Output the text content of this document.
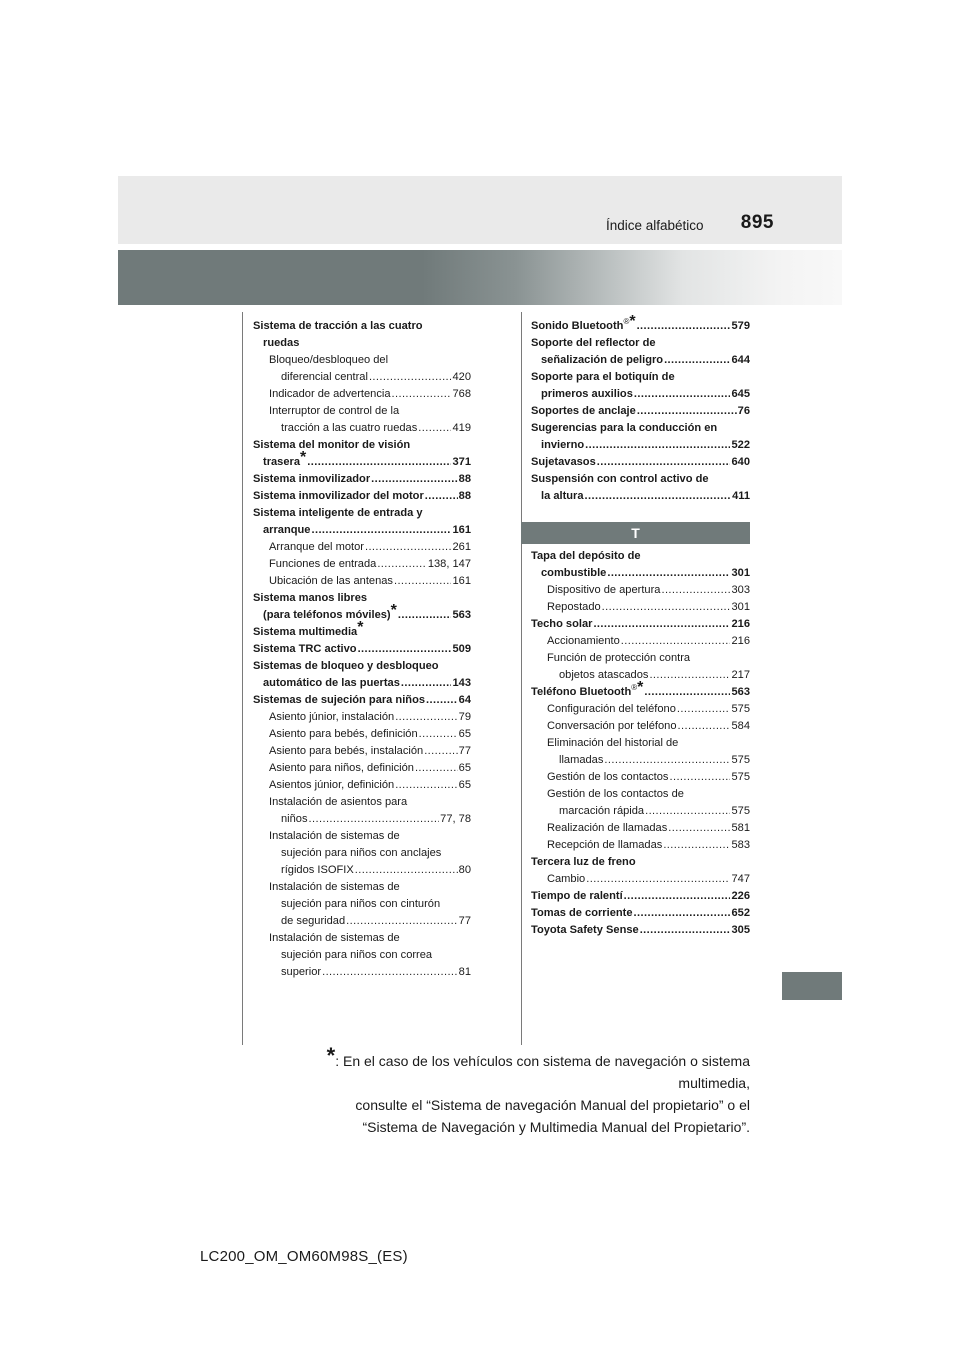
Índice alfabético 895
Sistema de tracción a las cuatro
ruedas
Bloqueo/desbloqueo del
diferencial central .....	420
Indicador de advertencia .....	768
Interruptor de control de la
tracción a las cuatro ruedas .....	419
Sistema del monitor de visión
trasera* .....	371
Sistema inmovilizador .....	88
Sistema inmovilizador del motor .....	88
Sistema inteligente de entrada y
arranque .....	161
Arranque del motor .....	261
Funciones de entrada .....	138, 147
Ubicación de las antenas .....	161
Sistema manos libres
(para teléfonos móviles)* .....	563
Sistema multimedia*
Sistema TRC activo .....	509
Sistemas de bloqueo y desbloqueo
automático de las puertas .....	143
Sistemas de sujeción para niños .....	64
Asiento júnior, instalación .....	79
Asiento para bebés, definición .....	65
Asiento para bebés, instalación .....	77
Asiento para niños, definición .....	65
Asientos júnior, definición .....	65
Instalación de asientos para
niños .....	77, 78
Instalación de sistemas de
sujeción para niños con anclajes
rígidos ISOFIX .....	80
Instalación de sistemas de
sujeción para niños con cinturón
de seguridad .....	77
Instalación de sistemas de
sujeción para niños con correa
superior .....	81
Sonido Bluetooth®* .....	579
Soporte del reflector de
señalización de peligro .....	644
Soporte para el botiquín de
primeros auxilios .....	645
Soportes de anclaje .....	76
Sugerencias para la conducción en
invierno .....	522
Sujetavasos .....	640
Suspensión con control activo de
la altura .....	411
T
Tapa del depósito de
combustible .....	301
Dispositivo de apertura .....	303
Repostado .....	301
Techo solar .....	216
Accionamiento .....	216
Función de protección contra
objetos atascados .....	217
Teléfono Bluetooth®* .....	563
Configuración del teléfono .....	575
Conversación por teléfono .....	584
Eliminación del historial de
llamadas .....	575
Gestión de los contactos .....	575
Gestión de los contactos de
marcación rápida .....	575
Realización de llamadas .....	581
Recepción de llamadas .....	583
Tercera luz de freno
Cambio .....	747
Tiempo de ralentí .....	226
Tomas de corriente .....	652
Toyota Safety Sense .....	305
*: En el caso de los vehículos con sistema de navegación o sistema multimedia,
consulte el “Sistema de navegación Manual del propietario” o el
“Sistema de Navegación y Multimedia Manual del Propietario”.
LC200_OM_OM60M98S_(ES)
